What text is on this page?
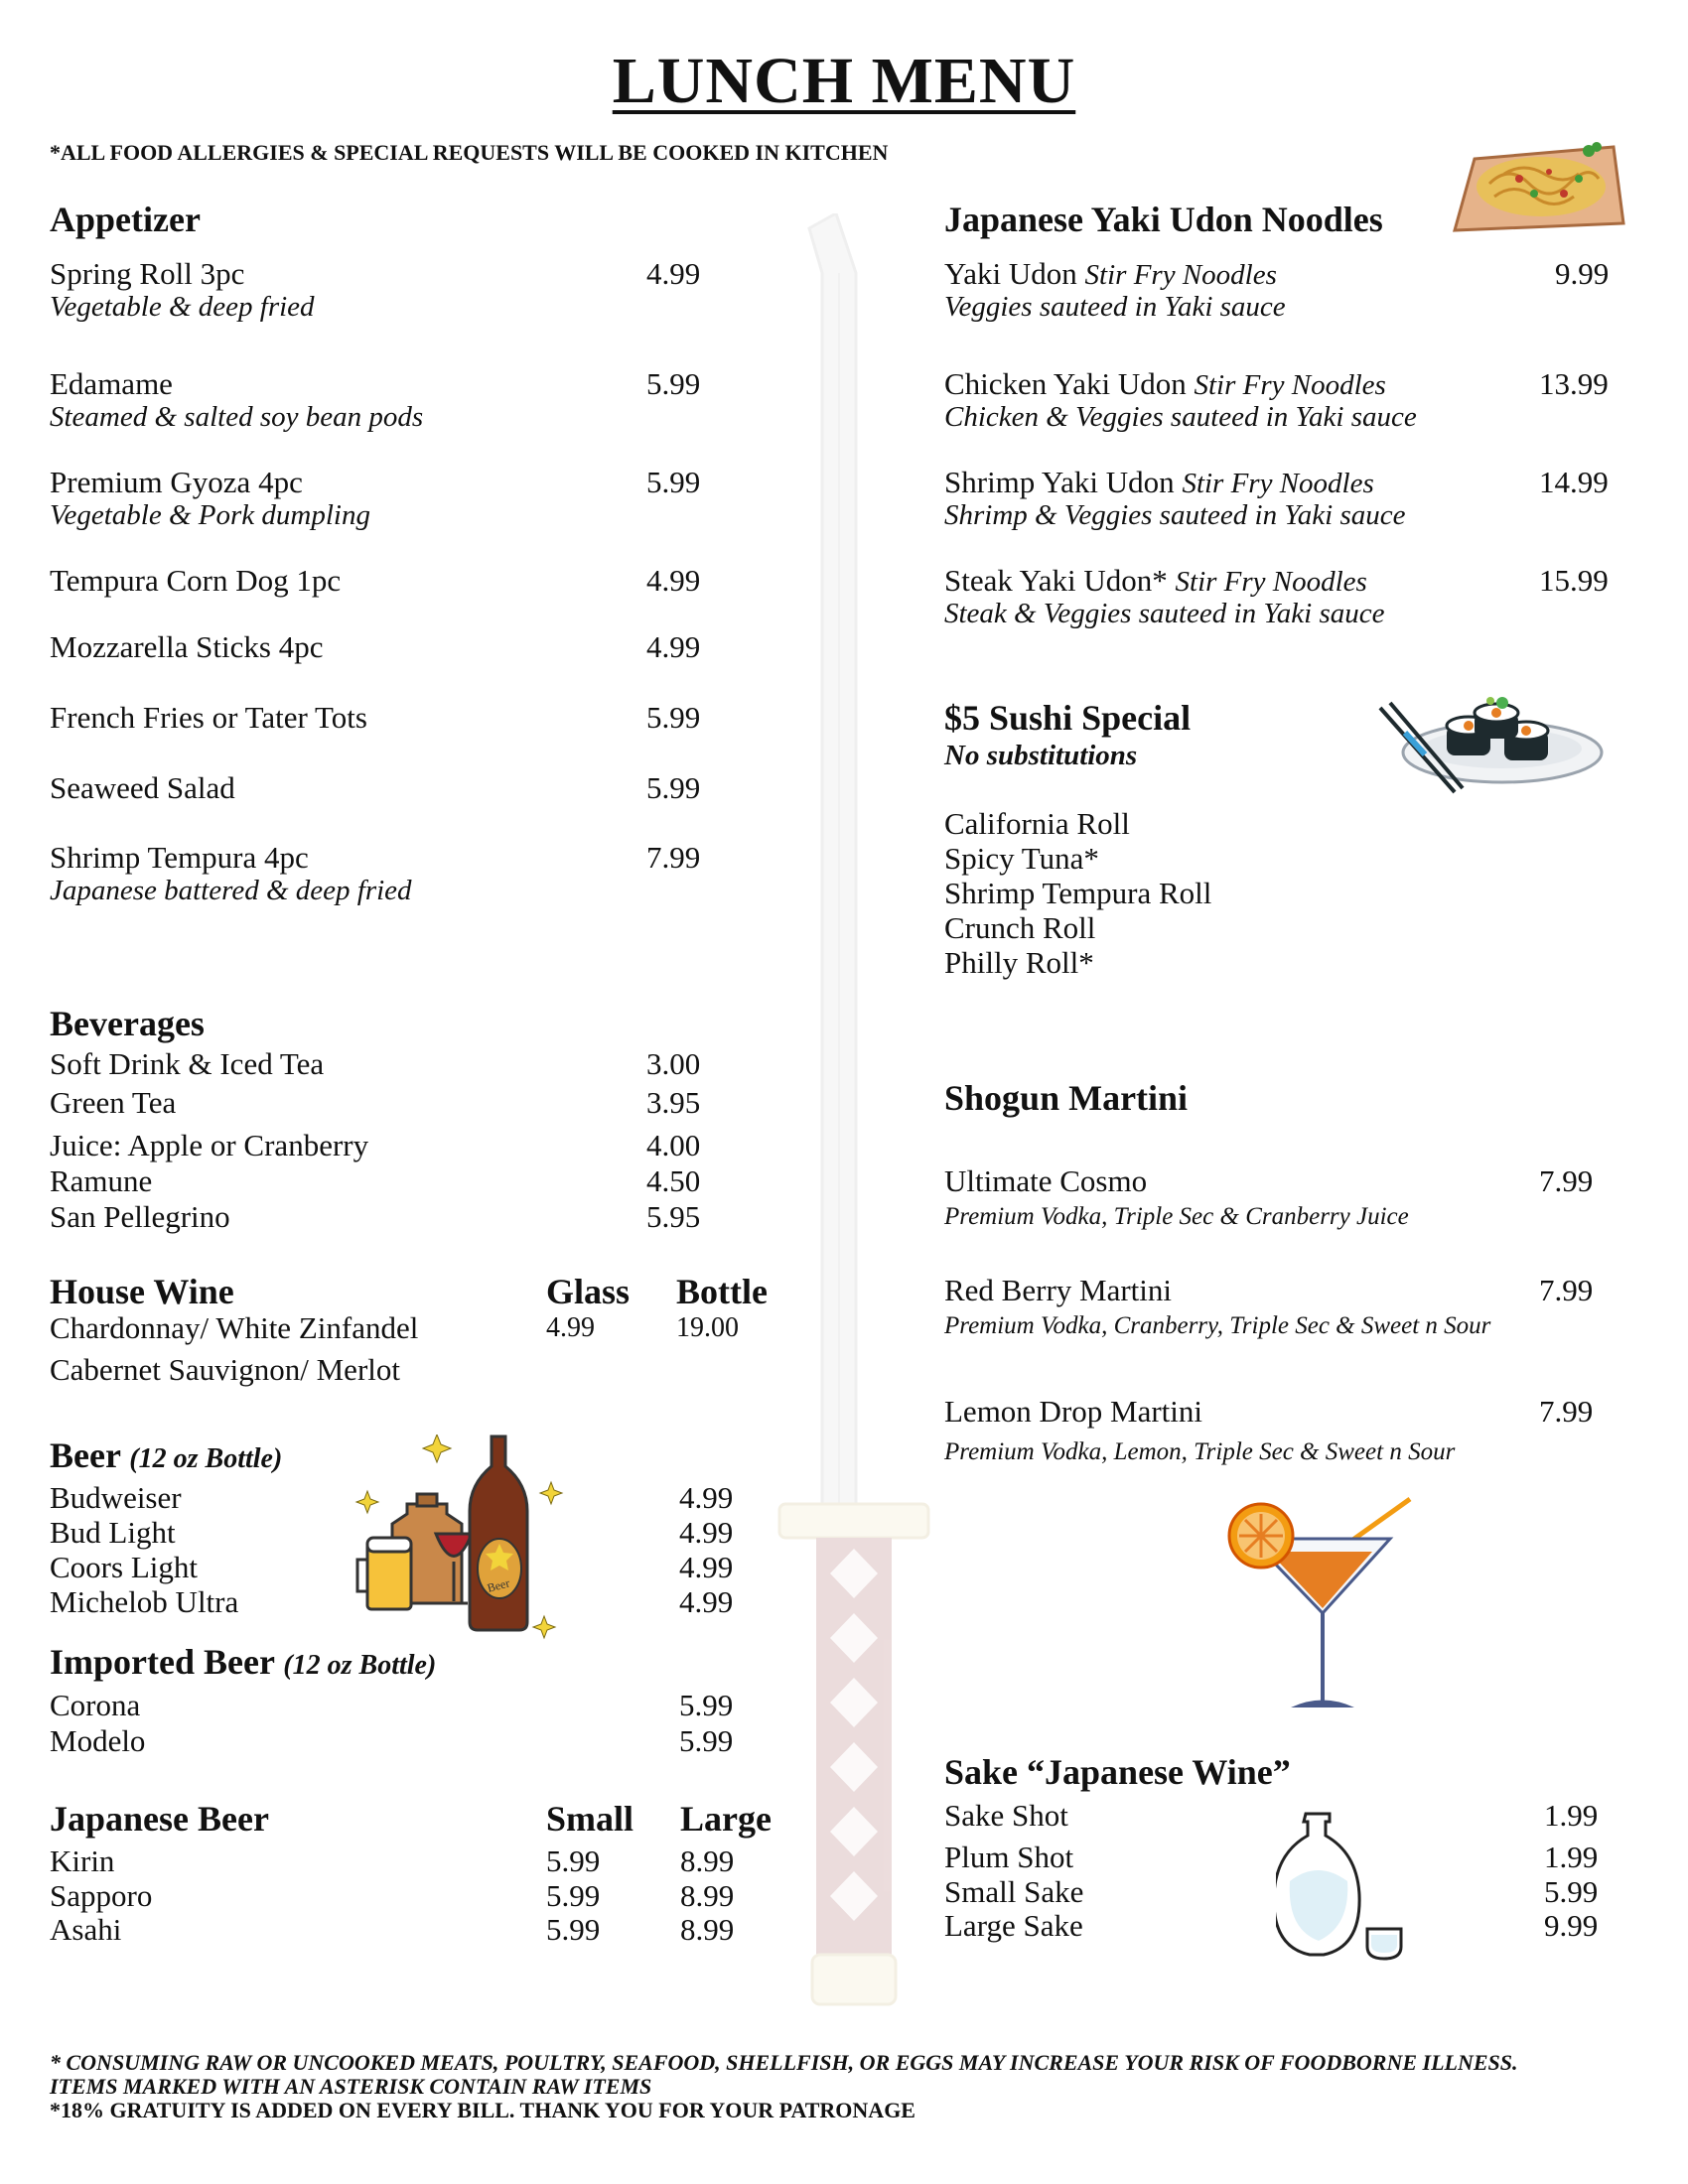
LUNCH MENU
*ALL FOOD ALLERGIES & SPECIAL REQUESTS WILL BE COOKED IN KITCHEN
Appetizer
Spring Roll 3pc	4.99
Vegetable & deep fried
Edamame	5.99
Steamed & salted soy bean pods
Premium Gyoza 4pc	5.99
Vegetable & Pork dumpling
Tempura Corn Dog 1pc	4.99
Mozzarella Sticks 4pc	4.99
French Fries or Tater Tots	5.99
Seaweed Salad	5.99
Shrimp Tempura 4pc	7.99
Japanese battered & deep fried
Beverages
Soft Drink & Iced Tea	3.00
Green Tea	3.95
Juice: Apple or Cranberry	4.00
Ramune	4.50
San Pellegrino	5.95
House Wine	Glass Bottle
Chardonnay/ White Zinfandel	4.99	19.00
Cabernet Sauvignon/ Merlot
Beer (12 oz Bottle)
Budweiser	4.99
Bud Light	4.99
Coors Light	4.99
Michelob Ultra	4.99
Beer
Imported Beer (12 oz Bottle)
Corona	5.99
Modelo	5.99
Japanese Beer	Small Large
Kirin	5.99	8.99
Sapporo	5.99	8.99
Asahi	5.99	8.99
Japanese Yaki Udon Noodles
Yaki Udon Stir Fry Noodles	9.99
Veggies sauteed in Yaki sauce
Chicken Yaki Udon Stir Fry Noodles	13.99
Chicken & Veggies sauteed in Yaki sauce
Shrimp Yaki Udon Stir Fry Noodles	14.99
Shrimp & Veggies sauteed in Yaki sauce
Steak Yaki Udon* Stir Fry Noodles	15.99
Steak & Veggies sauteed in Yaki sauce
$5 Sushi Special
No substitutions
California Roll
Spicy Tuna*
Shrimp Tempura Roll
Crunch Roll
Philly Roll*
Shogun Martini
Ultimate Cosmo	7.99
Premium Vodka, Triple Sec & Cranberry Juice
Red Berry Martini	7.99
Premium Vodka, Cranberry, Triple Sec & Sweet n Sour
Lemon Drop Martini	7.99
Premium Vodka, Lemon, Triple Sec & Sweet n Sour
Sake “Japanese Wine”
Sake Shot	1.99
Plum Shot	1.99
Small Sake	5.99
Large Sake	9.99
* CONSUMING RAW OR UNCOOKED MEATS, POULTRY, SEAFOOD, SHELLFISH, OR EGGS MAY INCREASE YOUR RISK OF FOODBORNE ILLNESS.
ITEMS MARKED WITH AN ASTERISK CONTAIN RAW ITEMS
*18% GRATUITY IS ADDED ON EVERY BILL. THANK YOU FOR YOUR PATRONAGE
